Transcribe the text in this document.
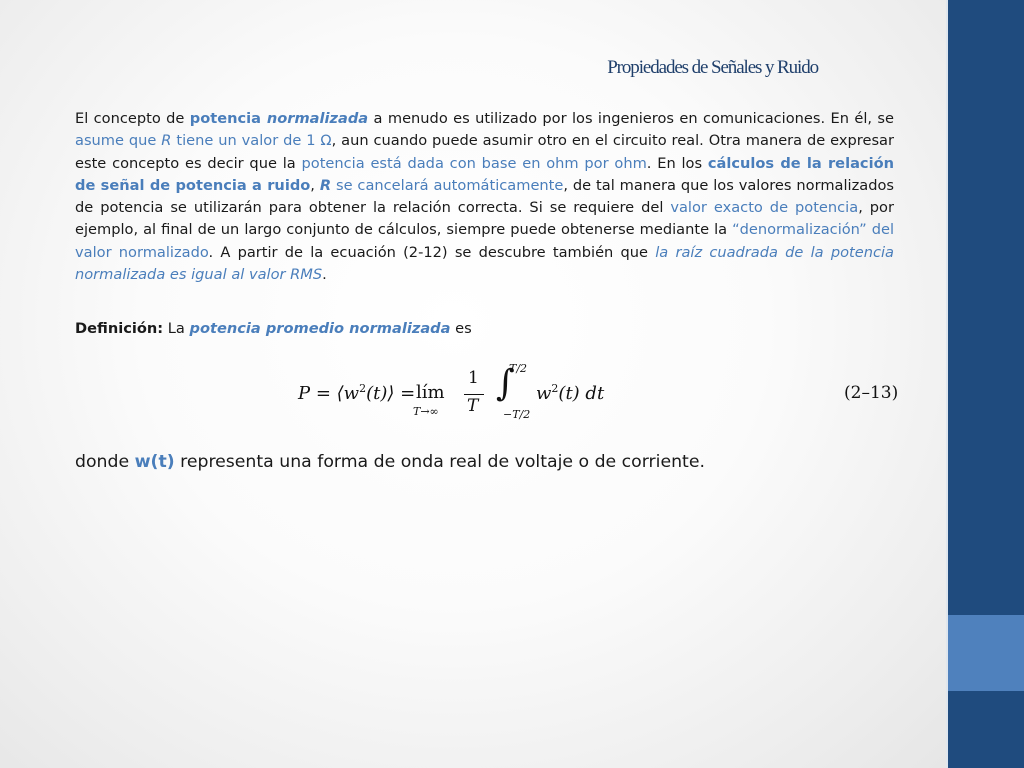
Propiedades de Señales y Ruido

El concepto de potencia normalizada a menudo es utilizado por los ingenieros en comunicaciones. En él, se asume que R tiene un valor de 1 Ω, aun cuando puede asumir otro en el circuito real. Otra manera de expresar este concepto es decir que la potencia está dada con base en ohm por ohm. En los cálculos de la relación de señal de potencia a ruido, R se cancelará automáticamente, de tal manera que los valores normalizados de potencia se utilizarán para obtener la relación correcta. Si se requiere del valor exacto de potencia, por ejemplo, al final de un largo conjunto de cálculos, siempre puede obtenerse mediante la “denormalización” del valor normalizado. A partir de la ecuación (2-12) se descubre también que la raíz cuadrada de la potencia normalizada es igual al valor RMS.

Definición: La potencia promedio normalizada es

$P = ⟨w^2(t)⟩$ = lím
T→∞
1
T
∫
T/2
−T/2
$w^2(t)$ dt	(2–13)

donde w(t) representa una forma de onda real de voltaje o de corriente.
